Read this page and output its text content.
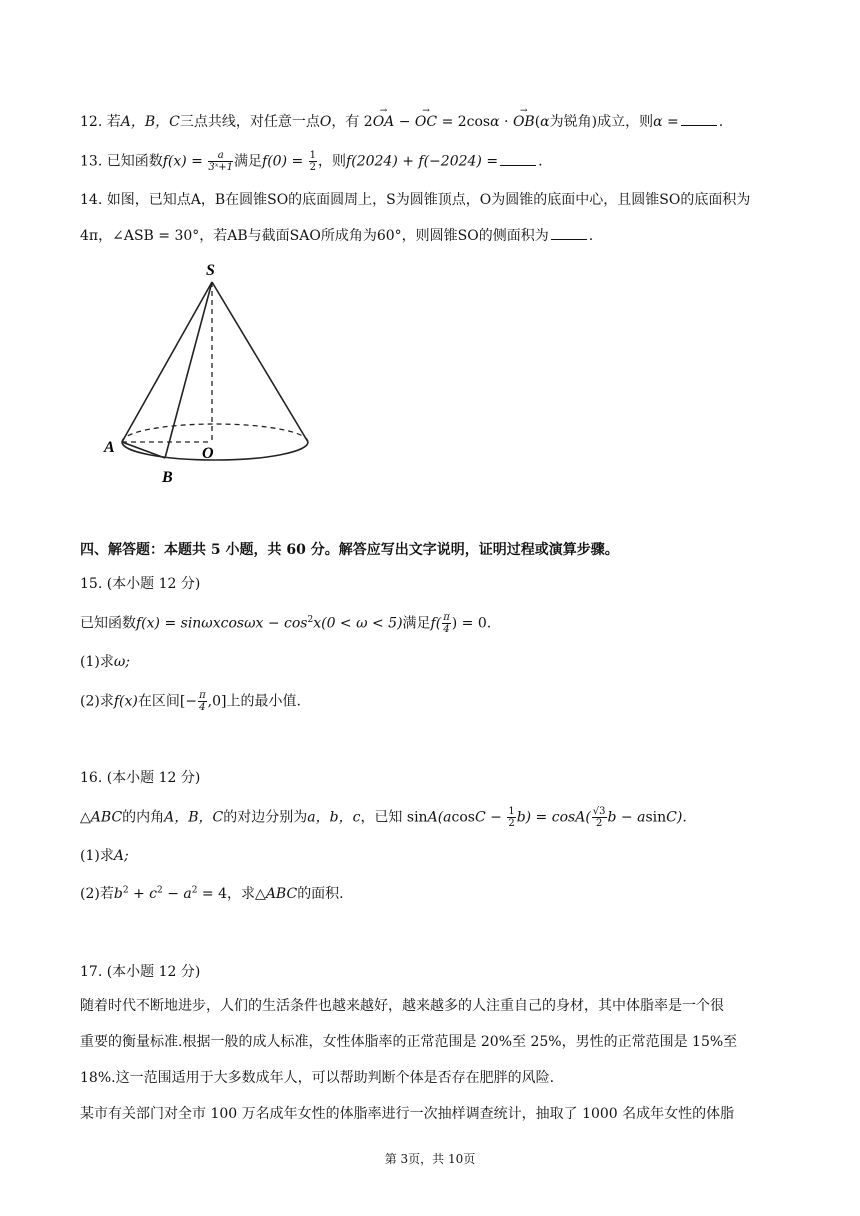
12. 若A，B，C三点共线，对任意一点O，有 2→ OA − → OC = 2cosα · → OB(α为锐角)成立，则α =	.
13. 已知函数$f(x) = \frac{a}{\text{3ˣ+1}}$ 满足$f(0) = \frac{1}{2}$ ，则f(2024) + f(−2024) =	.
14. 如图，已知点A，B在圆锥SO的底面圆周上，S为圆锥顶点，O为圆锥的底面中心，且圆锥SO的底面积为
4π，∠ASB = 30°，若AB与截面SAO所成角为60°，则圆锥SO的侧面积为	.
S
A	O
B
四、解答题：本题共 5 小题，共 60 分。解答应写出文字说明，证明过程或演算步骤。
15. (本小题 12 分)
已知函数$f(x) = \sin\omega xcos\omega x - \cos^2x(0 < \omega < 5)$满足$f( \frac{\pi}{4}$ ) = 0.
(1)求ω;
(2)求f(x)在区间[− $\frac{\pi}{4} ,0$]上的最小值.
16. (本小题 12 分)
△ABC的内角A，B，C的对边分别为a，b，c，已知 $\sin A(acosC - \frac{1}{2} b) = \cos A( \frac{√3}{2}$ b − asinC).
(1)求A;
(2)若$b^2 + c^2 - a^2 = 4$，求△ABC的面积.
17. (本小题 12 分)
随着时代不断地进步，人们的生活条件也越来越好，越来越多的人注重自己的身材，其中体脂率是一个很
重要的衡量标准.根据一般的成人标准，女性体脂率的正常范围是 20%至 25%，男性的正常范围是 15%至
18%.这一范围适用于大多数成年人，可以帮助判断个体是否存在肥胖的风险.
某市有关部门对全市 100 万名成年女性的体脂率进行一次抽样调查统计，抽取了 1000 名成年女性的体脂
第 3页，共 10页
